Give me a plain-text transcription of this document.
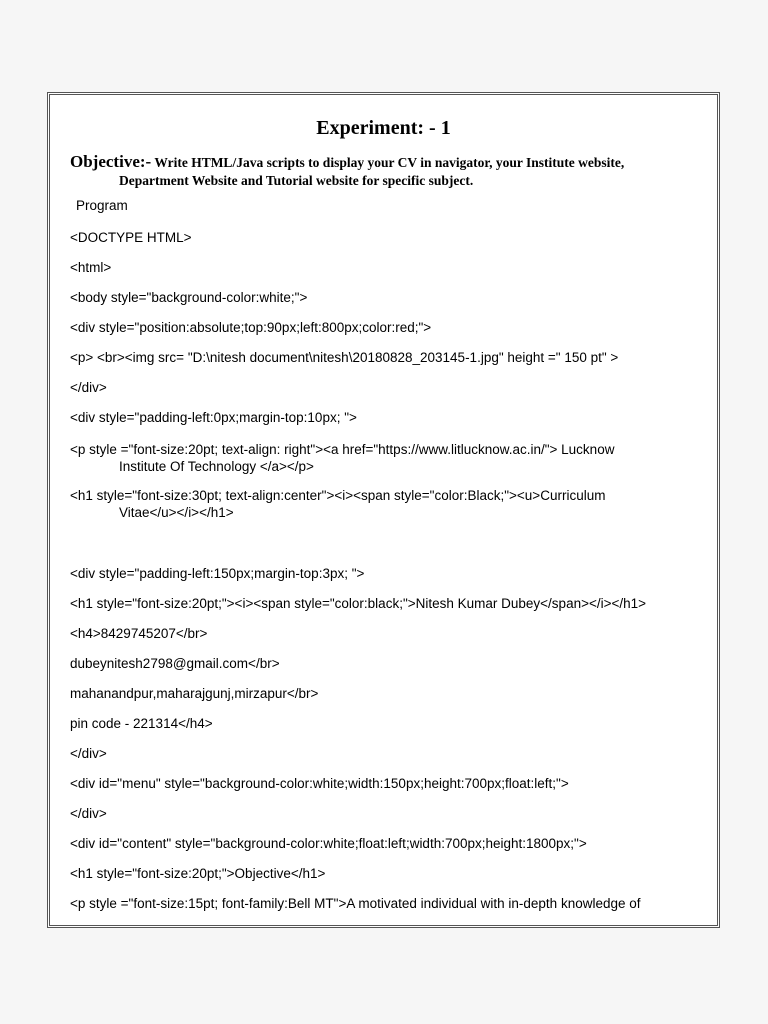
Experiment: - 1
Objective:- Write HTML/Java scripts to display your CV in navigator, your Institute website,
Department Website and Tutorial website for specific subject.
Program
<DOCTYPE HTML>
<html>
<body style="background-color:white;">
<div style="position:absolute;top:90px;left:800px;color:red;">
<p> <br><img src= "D:\nitesh document\nitesh\20180828_203145-1.jpg" height =" 150 pt" >
</div>
<div style="padding-left:0px;margin-top:10px; ">
<p style ="font-size:20pt; text-align: right"><a href="https://www.litlucknow.ac.in/"> Lucknow
Institute Of Technology </a></p>
<h1 style="font-size:30pt; text-align:center"><i><span style="color:Black;"><u>Curriculum
Vitae</u></i></h1>
<div style="padding-left:150px;margin-top:3px; ">
<h1 style="font-size:20pt;"><i><span style="color:black;">Nitesh Kumar Dubey</span></i></h1>
<h4>8429745207</br>
dubeynitesh2798@gmail.com</br>
mahanandpur,maharajgunj,mirzapur</br>
pin code - 221314</h4>
</div>
<div id="menu" style="background-color:white;width:150px;height:700px;float:left;">
</div>
<div id="content" style="background-color:white;float:left;width:700px;height:1800px;">
<h1 style="font-size:20pt;">Objective</h1>
<p style ="font-size:15pt; font-family:Bell MT">A motivated individual with in-depth knowledge of
